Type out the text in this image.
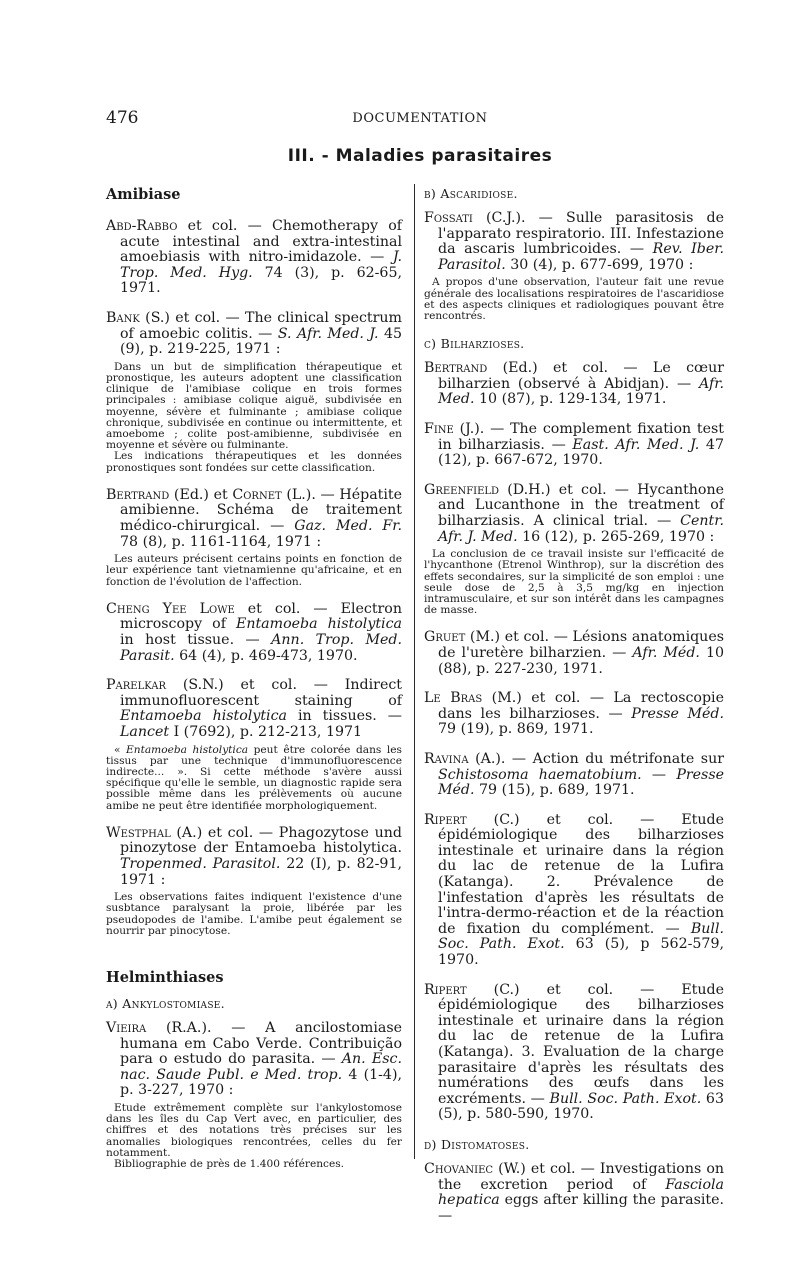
476	DOCUMENTATION
III. - Maladies parasitaires
Amibiase

Abd-Rabbo et col. — Chemotherapy of acute intestinal and extra-intestinal amoebiasis with nitro-imidazole. — J. Trop. Med. Hyg. 74 (3), p. 62-65, 1971.

Bank (S.) et col. — The clinical spectrum of amoebic colitis. — S. Afr. Med. J. 45 (9), p. 219-225, 1971 :

Dans un but de simplification thérapeutique et pronostique, les auteurs adoptent une classification clinique de l'amibiase colique en trois formes principales : amibiase colique aiguë, subdivisée en moyenne, sévère et fulminante ; amibiase colique chronique, subdivisée en continue ou intermittente, et amoebome ; colite post-amibienne, subdivisée en moyenne et sévère ou fulminante.

Les indications thérapeutiques et les données pronostiques sont fondées sur cette classification.

Bertrand (Ed.) et Cornet (L.). — Hépatite amibienne. Schéma de traitement médico-chirurgical. — Gaz. Med. Fr. 78 (8), p. 1161-1164, 1971 :

Les auteurs précisent certains points en fonction de leur expérience tant vietnamienne qu'africaine, et en fonction de l'évolution de l'affection.

Cheng Yee Lowe et col. — Electron microscopy of Entamoeba histolytica in host tissue. — Ann. Trop. Med. Parasit. 64 (4), p. 469-473, 1970.

Parelkar (S.N.) et col. — Indirect immunofluorescent staining of Entamoeba histolytica in tissues. — Lancet I (7692), p. 212-213, 1971

« Entamoeba histolytica peut être colorée dans les tissus par une technique d'immunofluorescence indirecte... ». Si cette méthode s'avère aussi spécifique qu'elle le semble, un diagnostic rapide sera possible même dans les prélèvements où aucune amibe ne peut être identifiée morphologiquement.

Westphal (A.) et col. — Phagozytose und pinozytose der Entamoeba histolytica. Tropenmed. Parasitol. 22 (I), p. 82-91, 1971 :

Les observations faites indiquent l'existence d'une susbtance paralysant la proie, libérée par les pseudopodes de l'amibe. L'amibe peut également se nourrir par pinocytose.

Helminthiases
a) Ankylostomiase.

Vieira (R.A.). — A ancilostomiase humana em Cabo Verde. Contribuição para o estudo do parasita. — An. Esc. nac. Saude Publ. e Med. trop. 4 (1-4), p. 3-227, 1970 :

Etude extrêmement complète sur l'ankylostomose dans les îles du Cap Vert avec, en particulier, des chiffres et des notations très précises sur les anomalies biologiques rencontrées, celles du fer notamment.

Bibliographie de près de 1.400 références.

b) Ascaridiose.

Fossati (C.J.). — Sulle parasitosis de l'apparato respiratorio. III. Infestazione da ascaris lumbricoides. — Rev. Iber. Parasitol. 30 (4), p. 677-699, 1970 :

A propos d'une observation, l'auteur fait une revue générale des localisations respiratoires de l'ascaridiose et des aspects cliniques et radiologiques pouvant être rencontrés.

c) Bilharzioses.

Bertrand (Ed.) et col. — Le cœur bilharzien (observé à Abidjan). — Afr. Med. 10 (87), p. 129-134, 1971.

Fine (J.). — The complement fixation test in bilharziasis. — East. Afr. Med. J. 47 (12), p. 667-672, 1970.

Greenfield (D.H.) et col. — Hycanthone and Lucanthone in the treatment of bilharziasis. A clinical trial. — Centr. Afr. J. Med. 16 (12), p. 265-269, 1970 :

La conclusion de ce travail insiste sur l'efficacité de l'hycanthone (Etrenol Winthrop), sur la discrétion des effets secondaires, sur la simplicité de son emploi : une seule dose de 2,5 à 3,5 mg/kg en injection intramusculaire, et sur son intérêt dans les campagnes de masse.

Gruet (M.) et col. — Lésions anatomiques de l'uretère bilharzien. — Afr. Méd. 10 (88), p. 227-230, 1971.

Le Bras (M.) et col. — La rectoscopie dans les bilharzioses. — Presse Méd. 79 (19), p. 869, 1971.

Ravina (A.). — Action du métrifonate sur Schistosoma haematobium. — Presse Méd. 79 (15), p. 689, 1971.

Ripert (C.) et col. — Etude épidémiologique des bilharzioses intestinale et urinaire dans la région du lac de retenue de la Lufira (Katanga). 2. Prévalence de l'infestation d'après les résultats de l'intra-dermo-réaction et de la réaction de fixation du complément. — Bull. Soc. Path. Exot. 63 (5), p 562-579, 1970.

Ripert (C.) et col. — Etude épidémiologique des bilharzioses intestinale et urinaire dans la région du lac de retenue de la Lufira (Katanga). 3. Evaluation de la charge parasitaire d'après les résultats des numérations des œufs dans les excréments. — Bull. Soc. Path. Exot. 63 (5), p. 580-590, 1970.

d) Distomatoses.

Chovaniec (W.) et col. — Investigations on the excretion period of Fasciola hepatica eggs after killing the parasite. —
